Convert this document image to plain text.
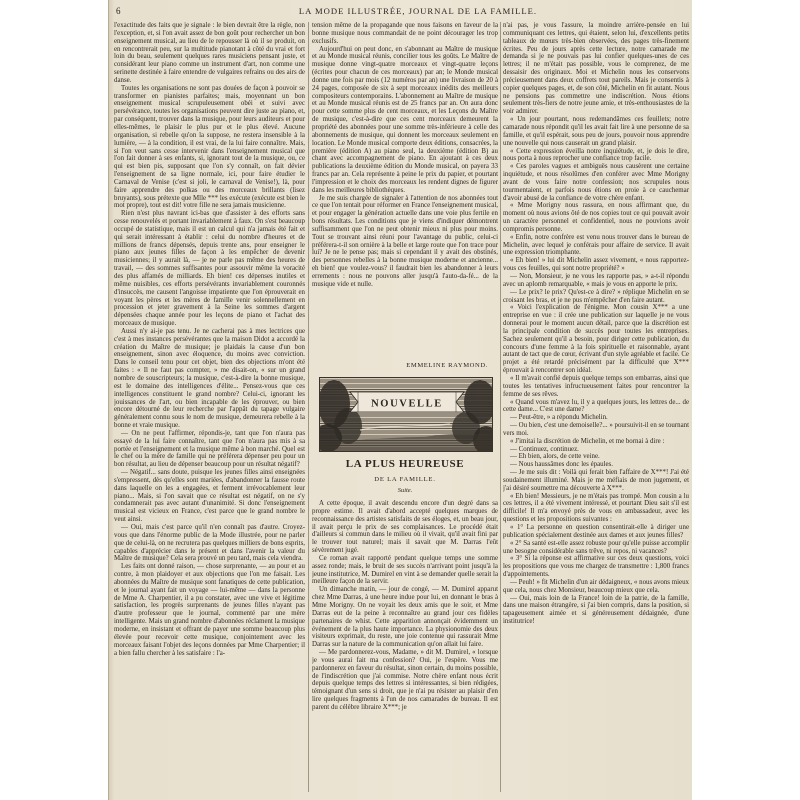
6	LA MODE ILLUSTRÉE, JOURNAL DE LA FAMILLE.

l'exactitude des faits que je signale : le bien devrait être la règle, non l'exception, et, si l'on avait assez de bon goût pour rechercher un bon enseignement musical, au lieu de le repousser là où il se produit, on en rencontrerait peu, sur la multitude pianotant à côté du vrai et fort loin du beau, seulement quelques rares musiciens pensant juste, et considérant leur piano comme un instrument d'art, non comme une serinette destinée à faire entendre de vulgaires refrains ou des airs de danse.

Toutes les organisations ne sont pas douées de façon à pouvoir se transformer en pianistes parfaites; mais, moyennant un bon enseignement musical scrupuleusement obéi et suivi avec persévérance, toutes les organisations peuvent dire juste au piano, et, par conséquent, trouver dans la musique, pour leurs auditeurs et pour elles-mêmes, le plaisir le plus pur et le plus élevé. Aucune organisation, si rebelle qu'on la suppose, ne restera insensible à la lumière, — à la condition, il est vrai, de la lui faire connaître. Mais, si l'on veut sans cesse intervenir dans l'enseignement musical que l'on fait donner à ses enfants, si, ignorant tout de la musique, ou, ce qui est bien pis, supposant que l'on s'y connaît, on fait dévier l'enseignement de sa ligne normale, ici, pour faire étudier le Carnaval de Venise (c'est si joli, le carnaval de Venise!), là, pour faire apprendre des polkas ou des morceaux brillants (lisez bruyants), sous prétexte que Mlle *** les exécute (exécute est bien le mot propre), tout est dit! votre fille ne sera jamais musicienne.

Rien n'est plus navrant ici-bas que d'assister à des efforts sans cesse renouvelés et portant invariablement à faux. On s'est beaucoup occupé de statistique, mais il est un calcul qui n'a jamais été fait et qui serait intéressant à établir : celui du nombre d'heures et de millions de francs dépensés, depuis trente ans, pour enseigner le piano aux jeunes filles de façon à les empêcher de devenir musiciennes; il y aurait là, — je ne parle pas même des heures de travail, — des sommes suffisantes pour assouvir même la voracité des plus affamés de milliards. Eh bien! ces dépenses inutiles et même nuisibles, ces efforts persévérants invariablement couronnés d'insuccès, me causent l'angoisse impatiente que l'on éprouverait en voyant les pères et les mères de famille venir solennellement en procession et jeter gravement à la Seine les sommes d'argent dépensées chaque année pour les leçons de piano et l'achat des morceaux de musique.

Aussi n'y ai-je pas tenu. Je ne cacherai pas à mes lectrices que c'est à mes instances persévérantes que la maison Didot a accordé la création du Maître de musique; je plaidais la cause d'un bon enseignement, sinon avec éloquence, du moins avec conviction. Dans le conseil tenu pour cet objet, bien des objections m'ont été faites : « Il ne faut pas compter, » me disait-on, « sur un grand nombre de souscripteurs; la musique, c'est-à-dire la bonne musique, est le domaine des intelligences d'élite... Pensez-vous que ces intelligences constituent le grand nombre? Celui-ci, ignorant les jouissances de l'art, ou bien incapable de les éprouver, ou bien encore détourné de leur recherche par l'appât du tapage vulgaire généralement connu sous le nom de musique, demeurera rebelle à la bonne et vraie musique.

— On ne peut l'affirmer, répondis-je, tant que l'on n'aura pas essayé de la lui faire connaître, tant que l'on n'aura pas mis à sa portée et l'enseignement et la musique même à bon marché. Quel est le chef ou la mère de famille qui ne préférera dépenser peu pour un bon résultat, au lieu de dépenser beaucoup pour un résultat négatif?

— Négatif... sans doute, puisque les jeunes filles ainsi enseignées s'empressent, dès qu'elles sont mariées, d'abandonner la fausse route dans laquelle on les a engagées, et ferment irrévocablement leur piano... Mais, si l'on savait que ce résultat est négatif, on ne s'y condamnerait pas avec autant d'unanimité. Si donc l'enseignement musical est vicieux en France, c'est parce que le grand nombre le veut ainsi.

— Oui, mais c'est parce qu'il n'en connaît pas d'autre. Croyez-vous que dans l'énorme public de la Mode illustrée, pour ne parler que de celui-là, on ne recrutera pas quelques milliers de bons esprits, capables d'apprécier dans le présent et dans l'avenir la valeur du Maître de musique? Cela sera prouvé un peu tard, mais cela viendra.

Les faits ont donné raison, — chose surprenante, — au pour et au contre, à mon plaidoyer et aux objections que l'on me faisait. Les abonnées du Maître de musique sont fanatiques de cette publication, et le journal ayant fait un voyage — lui-même — dans la personne de Mme A. Charpentier, il a pu constater, avec une vive et légitime satisfaction, les progrès surprenants de jeunes filles n'ayant pas d'autre professeur que le journal, commenté par une mère intelligente. Mais un grand nombre d'abonnées réclament la musique moderne, en insistant et offrant de payer une somme beaucoup plus élevée pour recevoir cette musique, conjointement avec les morceaux faisant l'objet des leçons données par Mme Charpentier; il a bien fallu chercher à les satisfaire : l'a-

tension même de la propagande que nous faisons en faveur de la bonne musique nous commandait de ne point décourager les trop exclusifs.

Aujourd'hui on peut donc, en s'abonnant au Maître de musique et au Monde musical réunis, concilier tous les goûts. Le Maître de musique donne vingt-quatre morceaux et vingt-quatre leçons (écrites pour chacun de ces morceaux) par an; le Monde musical donne une fois par mois (12 numéros par an) une livraison de 20 à 24 pages, composée de six à sept morceaux inédits des meilleurs compositeurs contemporains. L'abonnement au Maître de musique et au Monde musical réunis est de 25 francs par an. On aura donc pour cette somme plus de cent morceaux, et les Leçons du Maître de musique, c'est-à-dire que ces cent morceaux demeurent la propriété des abonnées pour une somme très-inférieure à celle des abonnements de musique, qui donnent les morceaux seulement en location. Le Monde musical comporte deux éditions, consacrées, la première (édition A) au piano seul, la deuxième (édition B) au chant avec accompagnement de piano. En ajoutant à ces deux publications la deuxième édition du Monde musical, on payera 33 francs par an. Cela représente à peine le prix du papier, et pourtant l'impression et le choix des morceaux les rendent dignes de figurer dans les meilleures bibliothèques.

Je me suis chargée de signaler à l'attention de nos abonnées tout ce que l'on tentait pour réformer en France l'enseignement musical, et pour engager la génération actuelle dans une voie plus fertile en bons résultats. Les conditions que je viens d'indiquer démontrent suffisamment que l'on ne peut obtenir mieux ni plus pour moins. Tout se trouvant ainsi réuni pour l'avantage du public, celui-ci préférera-t-il son ornière à la belle et large route que l'on trace pour lui? Je ne le pense pas; mais si cependant il y avait des obstinés, des personnes rebelles à la bonne musique moderne et ancienne... eh bien! que voulez-vous? il faudrait bien les abandonner à leurs errements : nous ne pouvons aller jusqu'à l'auto-da-fé... de la musique vide et nulle.

EMMELINE RAYMOND.
NOUVELLE
LA PLUS HEUREUSE
DE LA FAMILLE.
Suite.

A cette époque, il avait descendu encore d'un degré dans sa propre estime. Il avait d'abord accepté quelques marques de reconnaissance des artistes satisfaits de ses éloges, et, un beau jour, il avait perçu le prix de ses complaisances. Le procédé était d'ailleurs si commun dans le milieu où il vivait, qu'il avait fini par le trouver tout naturel; mais il savait que M. Darras l'eût sévèrement jugé.

Ce roman avait rapporté pendant quelque temps une somme assez ronde; mais, le bruit de ses succès n'arrivant point jusqu'à la jeune institutrice, M. Dumirel en vint à se demander quelle serait la meilleure façon de la servir.

Un dimanche matin, — jour de congé, — M. Dumirel apparut chez Mme Darras, à une heure indue pour lui, en donnant le bras à Mme Morigny. On ne voyait les deux amis que le soir, et Mme Darras eut de la peine à reconnaître au grand jour ces fidèles partenaires de whist. Cette apparition annonçait évidemment un événement de la plus haute importance. La physionomie des deux visiteurs exprimait, du reste, une joie contenue qui rassurait Mme Darras sur la nature de la communication qu'on allait lui faire.

— Me pardonnerez-vous, Madame, » dit M. Dumirel, « lorsque je vous aurai fait ma confession? Oui, je l'espère. Vous me pardonnerez en faveur du résultat, sinon certain, du moins possible, de l'indiscrétion que j'ai commise. Notre chère enfant nous écrit depuis quelque temps des lettres si intéressantes, si bien rédigées, témoignant d'un sens si droit, que je n'ai pu résister au plaisir d'en lire quelques fragments à l'un de nos camarades de bureau. Il est parent du célèbre libraire X***; je

n'ai pas, je vous l'assure, la moindre arrière-pensée en lui communiquant ces lettres, qui étaient, selon lui, d'excellents petits tableaux de mœurs très-bien observées, des pages très-finement écrites. Peu de jours après cette lecture, notre camarade me demanda si je ne pouvais pas lui confier quelques-unes de ces lettres; il ne m'était pas possible, vous le comprenez, de me dessaisir des originaux. Moi et Michelin nous les conservons précieusement dans deux coffrets tout pareils. Mais je consentis à copier quelques pages, et, de son côté, Michelin en fit autant. Nous ne pensions pas commettre une indiscrétion. Nous étions seulement très-fiers de notre jeune amie, et très-enthousiastes de la voir admirer.

« Un jour pourtant, nous redemandâmes ces feuillets; notre camarade nous répondit qu'il les avait fait lire à une personne de sa famille, et qu'il espérait, sous peu de jours, pouvoir nous apprendre une nouvelle qui nous causerait un grand plaisir.

« Cette expression éveilla notre inquiétude, et, je dois le dire, nous porta à nous reprocher une confiance trop facile.

« Ces paroles vagues et ambiguës nous causèrent une certaine inquiétude, et nous résolûmes d'en conférer avec Mme Morigny avant de vous faire notre confession; nos scrupules nous tourmentaient, et parfois nous étions en proie à ce cauchemar d'avoir abusé de la confiance de votre chère enfant.

« Mme Morigny nous rassura, en nous affirmant que, du moment où nous avions ôté de nos copies tout ce qui pouvait avoir un caractère personnel et confidentiel, nous ne pouvions avoir compromis personne.

« Enfin, notre confrère est venu nous trouver dans le bureau de Michelin, avec lequel je conférais pour affaire de service. Il avait une expression triomphante.

« Eh bien! » lui dit Michelin assez vivement, « nous rapportez-vous ces feuilles, qui sont notre propriété? »

— Non, Monsieur, je ne vous les rapporte pas, » a-t-il répondu avec un aplomb remarquable, « mais je vous en apporte le prix.

— Le prix? le prix? Qu'est-ce à dire? » réplique Michelin en se croisant les bras, et je ne pus m'empêcher d'en faire autant.

« Voici l'explication de l'énigme. Mon cousin X*** a une entreprise en vue : il crée une publication sur laquelle je ne vous donnerai pour le moment aucun détail, parce que la discrétion est la principale condition de succès pour toutes les entreprises. Sachez seulement qu'il a besoin, pour diriger cette publication, du concours d'une femme à la fois spirituelle et raisonnable, ayant autant de tact que de cœur, écrivant d'un style agréable et facile. Ce projet a été retardé précisément par la difficulté que X*** éprouvait à rencontrer son idéal.

« Il m'avait confié depuis quelque temps son embarras, ainsi que toutes les tentatives infructueusement faites pour rencontrer la femme de ses rêves.

« Quand vous m'avez lu, il y a quelques jours, les lettres de... de cette dame... C'est une dame?

— Peut-être, » a répondu Michelin.

— Ou bien, c'est une demoiselle?... » poursuivit-il en se tournant vers moi.

« J'imitai la discrétion de Michelin, et me bornai à dire :

— Continuez, continuez.

— Eh bien, alors, de cette veine.

— Nous haussâmes donc les épaules.

— Je me suis dit : Voilà qui ferait bien l'affaire de X***! J'ai été soudainement illuminé. Mais je me méfiais de mon jugement, et j'ai désiré soumettre ma découverte à X***.

« Eh bien! Messieurs, je ne m'étais pas trompé. Mon cousin a lu ces lettres, il a été vivement intéressé, et pourtant Dieu sait s'il est difficile! Il m'a envoyé près de vous en ambassadeur, avec les questions et les propositions suivantes :

« 1° La personne en question consentirait-elle à diriger une publication spécialement destinée aux dames et aux jeunes filles?

« 2° Sa santé est-elle assez robuste pour qu'elle puisse accomplir une besogne considérable sans trêve, ni repos, ni vacances?

« 3° Si la réponse est affirmative sur ces deux questions, voici les propositions que vous me chargez de transmettre : 1,800 francs d'appointements.

— Peuh! » fit Michelin d'un air dédaigneux, « nous avons mieux que cela, nous chez Monsieur, beaucoup mieux que cela.

— Oui, mais loin de la France! loin de la patrie, de la famille, dans une maison étrangère, si j'ai bien compris, dans la position, si tapageusement aimée et si généreusement dédaignée, d'une institutrice!
